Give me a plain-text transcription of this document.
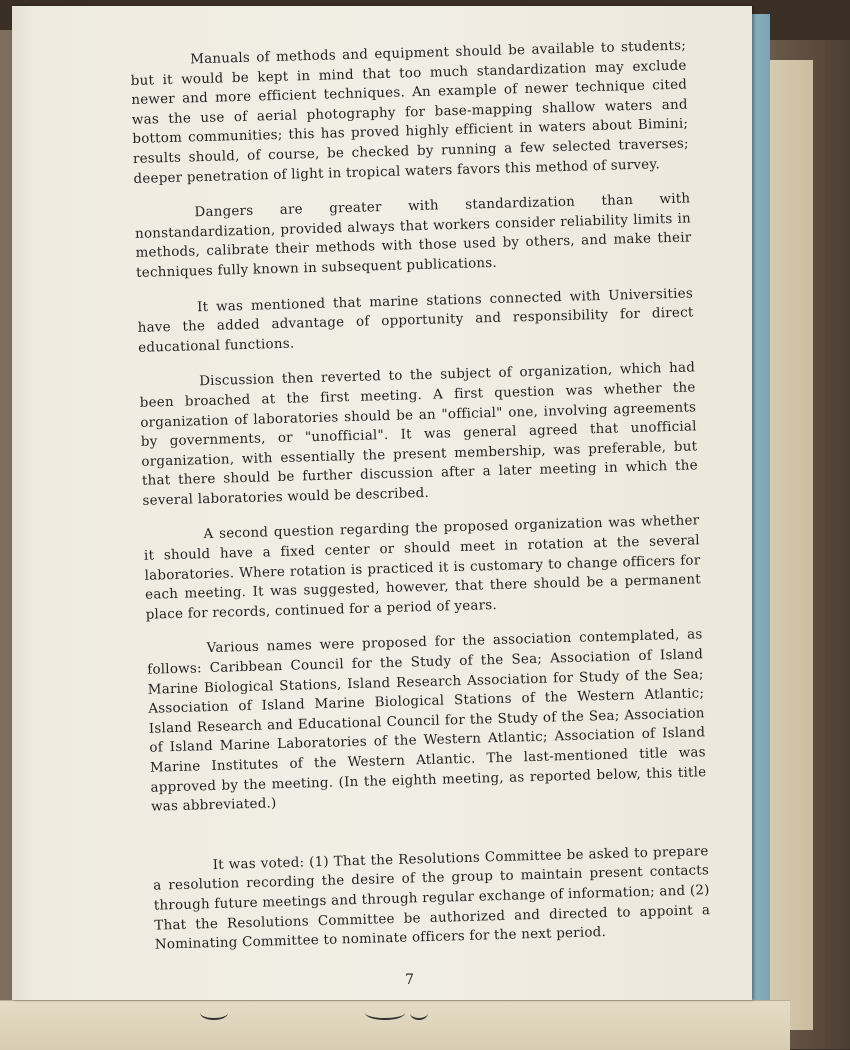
Manuals of methods and equipment should be available to students; but it would be kept in mind that too much standardization may exclude newer and more efficient techniques. An example of newer technique cited was the use of aerial photography for base-mapping shallow waters and bottom communities; this has proved highly efficient in waters about Bimini; results should, of course, be checked by running a few selected traverses; deeper penetration of light in tropical waters favors this method of survey.

Dangers are greater with standardization than with nonstandardization, provided always that workers consider reliability limits in methods, calibrate their methods with those used by others, and make their techniques fully known in subsequent publications.

It was mentioned that marine stations connected with Universities have the added advantage of opportunity and responsibility for direct educational functions.

Discussion then reverted to the subject of organization, which had been broached at the first meeting. A first question was whether the organization of laboratories should be an "official" one, involving agreements by governments, or "unofficial". It was general agreed that unofficial organization, with essentially the present membership, was preferable, but that there should be further discussion after a later meeting in which the several laboratories would be described.

A second question regarding the proposed organization was whether it should have a fixed center or should meet in rotation at the several laboratories. Where rotation is practiced it is customary to change officers for each meeting. It was suggested, however, that there should be a permanent place for records, continued for a period of years.

Various names were proposed for the association contemplated, as follows: Caribbean Council for the Study of the Sea; Association of Island Marine Biological Stations, Island Research Association for Study of the Sea; Association of Island Marine Biological Stations of the Western Atlantic; Island Research and Educational Council for the Study of the Sea; Association of Island Marine Laboratories of the Western Atlantic; Association of Island Marine Institutes of the Western Atlantic. The last-mentioned title was approved by the meeting. (In the eighth meeting, as reported below, this title was abbreviated.)

It was voted: (1) That the Resolutions Committee be asked to prepare a resolution recording the desire of the group to maintain present contacts through future meetings and through regular exchange of information; and (2) That the Resolutions Committee be authorized and directed to appoint a Nominating Committee to nominate officers for the next period.

7
